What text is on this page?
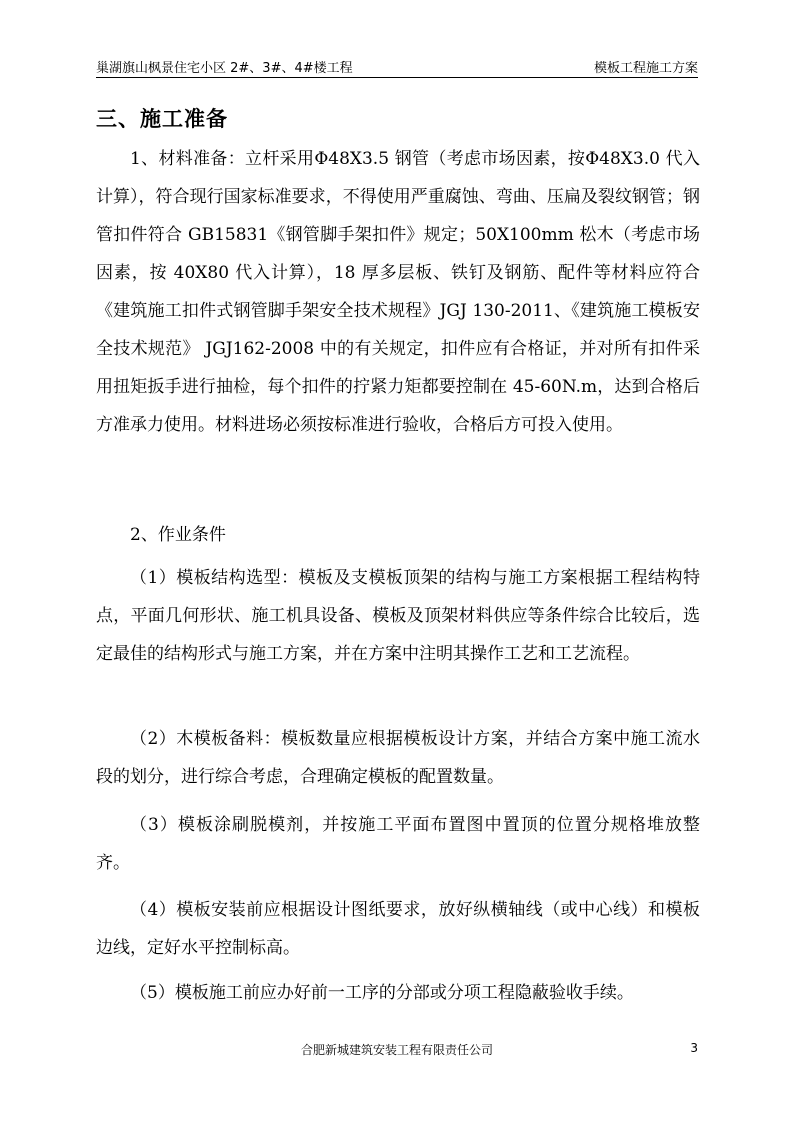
巢湖旗山枫景住宅小区 2#、3#、4#楼工程	模板工程施工方案
三、施工准备

1、材料准备：立杆采用Φ48X3.5 钢管（考虑市场因素，按Φ48X3.0 代入计算），符合现行国家标准要求，不得使用严重腐蚀、弯曲、压扁及裂纹钢管；钢管扣件符合 GB15831《钢管脚手架扣件》规定；50X100mm 松木（考虑市场因素，按 40X80 代入计算），18 厚多层板、铁钉及钢筋、配件等材料应符合《建筑施工扣件式钢管脚手架安全技术规程》JGJ 130-2011、《建筑施工模板安全技术规范》 JGJ162-2008 中的有关规定，扣件应有合格证，并对所有扣件采用扭矩扳手进行抽检，每个扣件的拧紧力矩都要控制在 45-60N.m，达到合格后方准承力使用。材料进场必须按标准进行验收，合格后方可投入使用。

2、作业条件

（1）模板结构选型：模板及支模板顶架的结构与施工方案根据工程结构特点，平面几何形状、施工机具设备、模板及顶架材料供应等条件综合比较后，选定最佳的结构形式与施工方案，并在方案中注明其操作工艺和工艺流程。

（2）木模板备料：模板数量应根据模板设计方案，并结合方案中施工流水段的划分，进行综合考虑，合理确定模板的配置数量。

（3）模板涂刷脱模剂，并按施工平面布置图中置顶的位置分规格堆放整齐。

（4）模板安装前应根据设计图纸要求，放好纵横轴线（或中心线）和模板边线，定好水平控制标高。

（5）模板施工前应办好前一工序的分部或分项工程隐蔽验收手续。

合肥新城建筑安装工程有限责任公司	3
